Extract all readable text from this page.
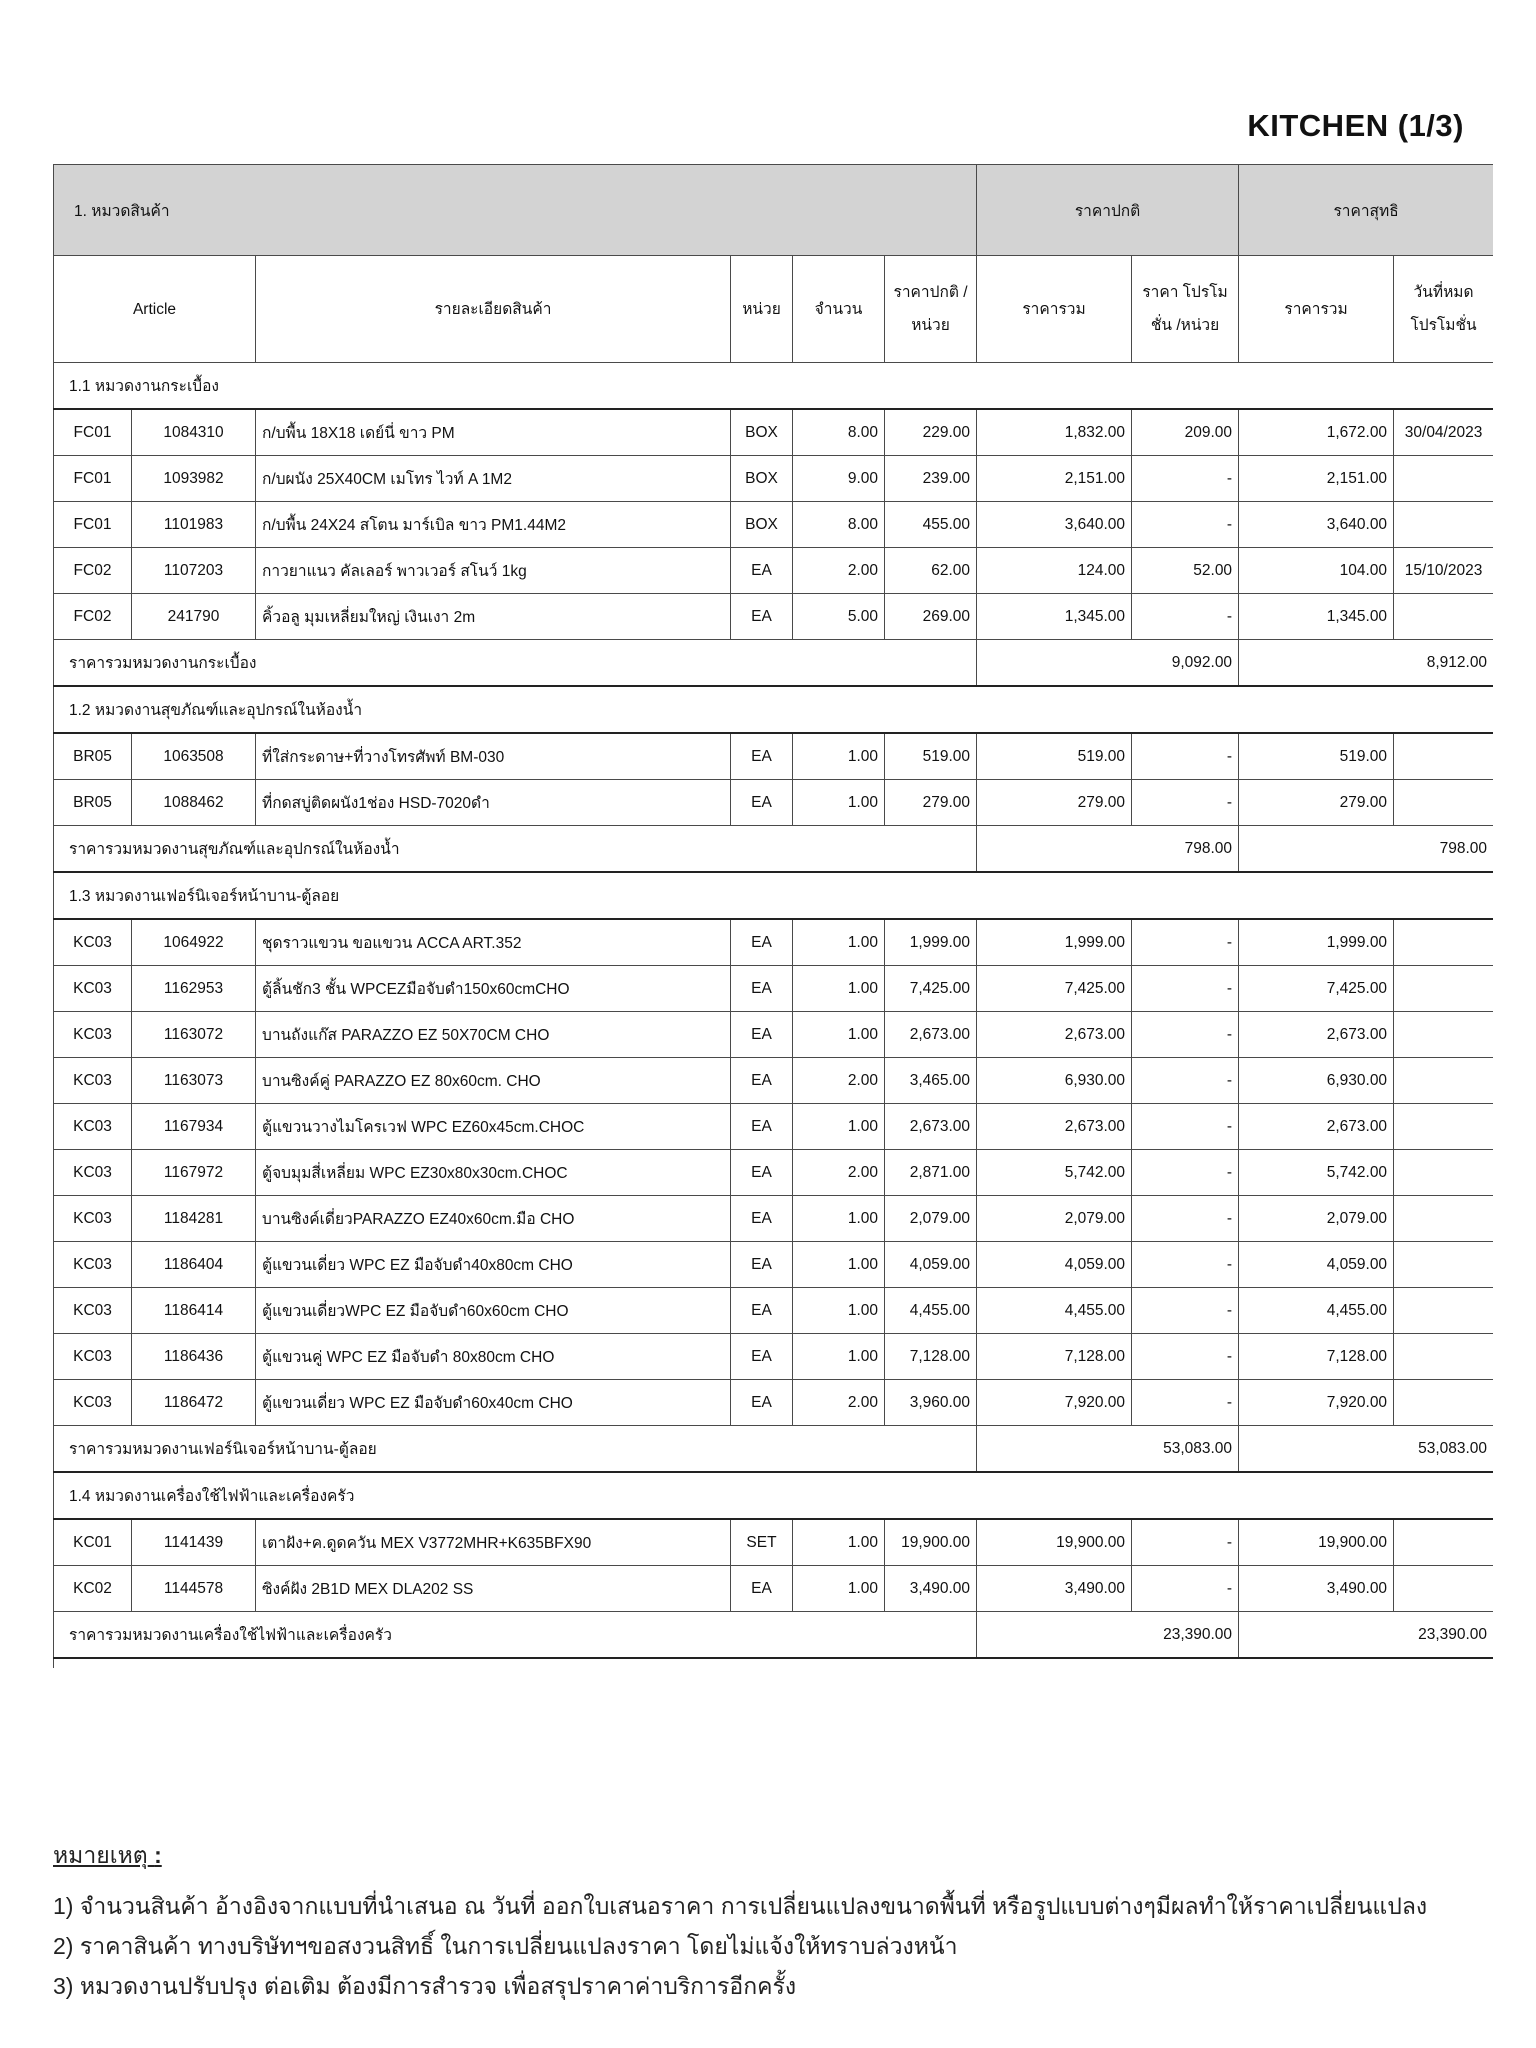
KITCHEN (1/3)
1. หมวดสินค้า						ราคาปกติ		ราคาสุทธิ		
Article		รายละเอียดสินค้า	หน่วย	จำนวน	ราคาปกติ /หน่วย	ราคารวม	ราคา โปรโมชั่น /หน่วย	ราคารวม	วันที่หมด โปรโมชั่น	
1.1 หมวดงานกระเบื้อง										
FC01	1084310	ก/บพื้น 18X18 เดย์นี่ ขาว PM	BOX	8.00	229.00	1,832.00	209.00	1,672.00	30/04/2023	
FC01	1093982	ก/บผนัง 25X40CM เมโทร ไวท์ A 1M2	BOX	9.00	239.00	2,151.00	-	2,151.00		
FC01	1101983	ก/บพื้น 24X24 สโตน มาร์เบิล ขาว PM1.44M2	BOX	8.00	455.00	3,640.00	-	3,640.00		
FC02	1107203	กาวยาแนว คัลเลอร์ พาวเวอร์ สโนว์ 1kg	EA	2.00	62.00	124.00	52.00	104.00	15/10/2023	
FC02	241790	คิ้วอลู มุมเหลี่ยมใหญ่ เงินเงา 2m	EA	5.00	269.00	1,345.00	-	1,345.00		
ราคารวมหมวดงานกระเบื้อง						9,092.00		8,912.00		
1.2 หมวดงานสุขภัณฑ์และอุปกรณ์ในห้องน้ำ										
BR05	1063508	ที่ใส่กระดาษ+ที่วางโทรศัพท์ BM-030	EA	1.00	519.00	519.00	-	519.00		
BR05	1088462	ที่กดสบู่ติดผนัง1ช่อง HSD-7020ดำ	EA	1.00	279.00	279.00	-	279.00		
ราคารวมหมวดงานสุขภัณฑ์และอุปกรณ์ในห้องน้ำ						798.00		798.00		
1.3 หมวดงานเฟอร์นิเจอร์หน้าบาน-ตู้ลอย										
KC03	1064922	ชุดราวแขวน ขอแขวน ACCA ART.352	EA	1.00	1,999.00	1,999.00	-	1,999.00		
KC03	1162953	ตู้ลิ้นชัก3 ชั้น WPCEZมือจับดำ150x60cmCHO	EA	1.00	7,425.00	7,425.00	-	7,425.00		
KC03	1163072	บานถังแก๊ส PARAZZO EZ 50X70CM CHO	EA	1.00	2,673.00	2,673.00	-	2,673.00		
KC03	1163073	บานซิงค์คู่ PARAZZO EZ 80x60cm. CHO	EA	2.00	3,465.00	6,930.00	-	6,930.00		
KC03	1167934	ตู้แขวนวางไมโครเวฟ WPC EZ60x45cm.CHOC	EA	1.00	2,673.00	2,673.00	-	2,673.00		
KC03	1167972	ตู้จบมุมสี่เหลี่ยม WPC EZ30x80x30cm.CHOC	EA	2.00	2,871.00	5,742.00	-	5,742.00		
KC03	1184281	บานซิงค์เดี่ยวPARAZZO EZ40x60cm.มือ CHO	EA	1.00	2,079.00	2,079.00	-	2,079.00		
KC03	1186404	ตู้แขวนเดี่ยว WPC EZ มือจับดำ40x80cm CHO	EA	1.00	4,059.00	4,059.00	-	4,059.00		
KC03	1186414	ตู้แขวนเดี่ยวWPC EZ มือจับดำ60x60cm CHO	EA	1.00	4,455.00	4,455.00	-	4,455.00		
KC03	1186436	ตู้แขวนคู่ WPC EZ มือจับดำ 80x80cm CHO	EA	1.00	7,128.00	7,128.00	-	7,128.00		
KC03	1186472	ตู้แขวนเดี่ยว WPC EZ มือจับดำ60x40cm CHO	EA	2.00	3,960.00	7,920.00	-	7,920.00		
ราคารวมหมวดงานเฟอร์นิเจอร์หน้าบาน-ตู้ลอย						53,083.00		53,083.00		
1.4 หมวดงานเครื่องใช้ไฟฟ้าและเครื่องครัว										
KC01	1141439	เตาฝัง+ค.ดูดควัน MEX V3772MHR+K635BFX90	SET	1.00	19,900.00	19,900.00	-	19,900.00		
KC02	1144578	ซิงค์ฝัง 2B1D MEX DLA202 SS	EA	1.00	3,490.00	3,490.00	-	3,490.00		
ราคารวมหมวดงานเครื่องใช้ไฟฟ้าและเครื่องครัว						23,390.00		23,390.00		

หมายเหตุ :
1) จำนวนสินค้า อ้างอิงจากแบบที่นำเสนอ ณ วันที่ ออกใบเสนอราคา การเปลี่ยนแปลงขนาดพื้นที่ หรือรูปแบบต่างๆมีผลทำให้ราคาเปลี่ยนแปลง
2) ราคาสินค้า ทางบริษัทฯขอสงวนสิทธิ์ ในการเปลี่ยนแปลงราคา โดยไม่แจ้งให้ทราบล่วงหน้า
3) หมวดงานปรับปรุง ต่อเติม ต้องมีการสำรวจ เพื่อสรุปราคาค่าบริการอีกครั้ง
